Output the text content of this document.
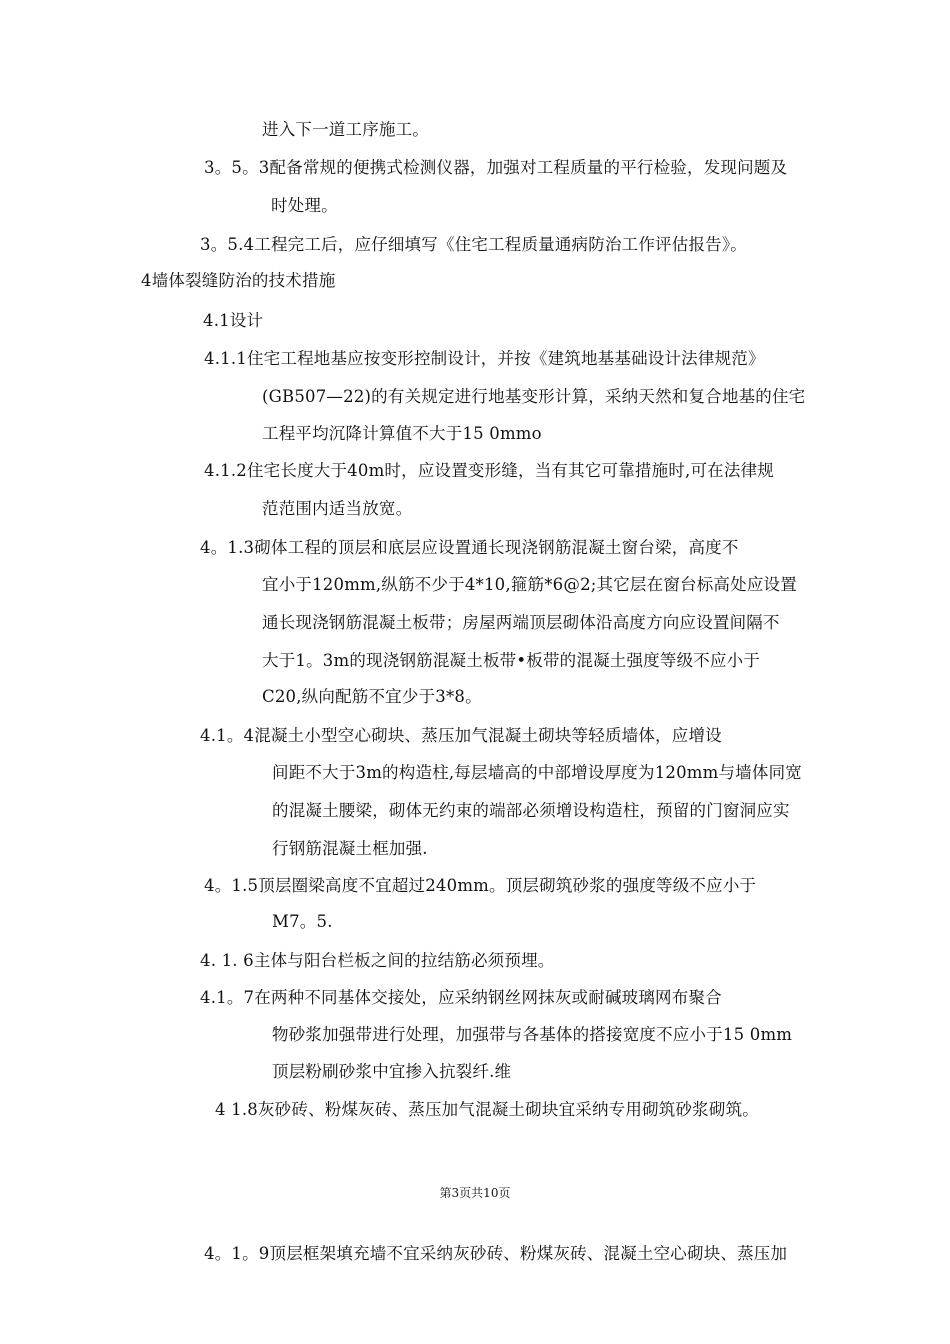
进入下一道工序施工。
3。5。3配备常规的便携式检测仪器，加强对工程质量的平行检验，发现问题及
时处理。
3。5.4工程完工后，应仔细填写《住宅工程质量通病防治工作评估报告》。
4墙体裂缝防治的技术措施
4.1设计
4.1.1住宅工程地基应按变形控制设计，并按《建筑地基基础设计法律规范》
(GB507—22)的有关规定进行地基变形计算，采纳天然和复合地基的住宅
工程平均沉降计算值不大于15 0mmo
4.1.2住宅长度大于40m时，应设置变形缝，当有其它可靠措施时,可在法律规
范范围内适当放宽。
4。1.3砌体工程的顶层和底层应设置通长现浇钢筋混凝土窗台梁，高度不
宜小于120mm,纵筋不少于4*10,箍筋*6@2;其它层在窗台标高处应设置
通长现浇钢筋混凝土板带；房屋两端顶层砌体沿高度方向应设置间隔不
大于1。3m的现浇钢筋混凝土板带•板带的混凝土强度等级不应小于
C20,纵向配筋不宜少于3*8。
4.1。4混凝土小型空心砌块、蒸压加气混凝土砌块等轻质墙体，应增设
间距不大于3m的构造柱,每层墙高的中部增设厚度为120mm与墙体同宽
的混凝土腰梁，砌体无约束的端部必须增设构造柱，预留的门窗洞应实
行钢筋混凝土框加强.
4。1.5顶层圈梁高度不宜超过240mm。顶层砌筑砂浆的强度等级不应小于
M7。5.
4. 1. 6主体与阳台栏板之间的拉结筋必须预埋。
4.1。7在两种不同基体交接处，应采纳钢丝网抹灰或耐碱玻璃网布聚合
物砂浆加强带进行处理，加强带与各基体的搭接宽度不应小于15 0mm
顶层粉刷砂浆中宜掺入抗裂纤.维
4 1.8灰砂砖、粉煤灰砖、蒸压加气混凝土砌块宜采纳专用砌筑砂浆砌筑。
第3页共10页
4。1。9顶层框架填充墙不宜采纳灰砂砖、粉煤灰砖、混凝土空心砌块、蒸压加
